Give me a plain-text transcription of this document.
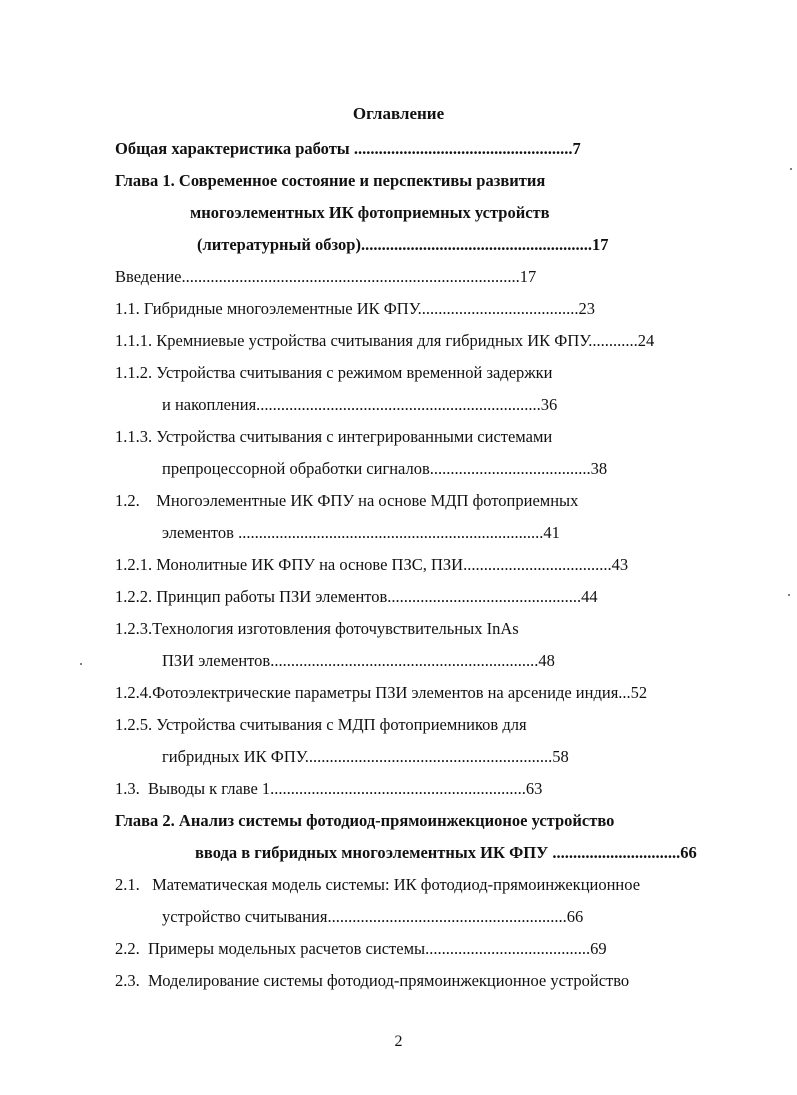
Оглавление
Общая характеристика работы .....................................................7
Глава 1. Современное состояние и перспективы развития
многоэлементных ИК фотоприемных устройств
(литературный обзор)........................................................17
Введение..................................................................................17
1.1. Гибридные многоэлементные ИК ФПУ.......................................23
1.1.1. Кремниевые устройства считывания для гибридных ИК ФПУ............24
1.1.2. Устройства считывания с режимом временной задержки
и накопления.....................................................................36
1.1.3. Устройства считывания с интегрированными системами
препроцессорной обработки сигналов.......................................38
1.2.    Многоэлементные ИК ФПУ на основе МДП фотоприемных
элементов ..........................................................................41
1.2.1. Монолитные ИК ФПУ на основе ПЗС, ПЗИ....................................43
1.2.2. Принцип работы ПЗИ элементов...............................................44
1.2.3.Технология изготовления фоточувствительных InAs
ПЗИ элементов.................................................................48
1.2.4.Фотоэлектрические параметры ПЗИ элементов на арсениде индия...52
1.2.5. Устройства считывания с МДП фотоприемников для
гибридных ИК ФПУ............................................................58
1.3.  Выводы к главе 1..............................................................63
Глава 2. Анализ системы фотодиод-прямоинжекционое устройство
ввода в гибридных многоэлементных ИК ФПУ ...............................66
2.1.   Математическая модель системы: ИК фотодиод-прямоинжекционное
устройство считывания..........................................................66
2.2.  Примеры модельных расчетов системы........................................69
2.3.  Моделирование системы фотодиод-прямоинжекционное устройство
2
